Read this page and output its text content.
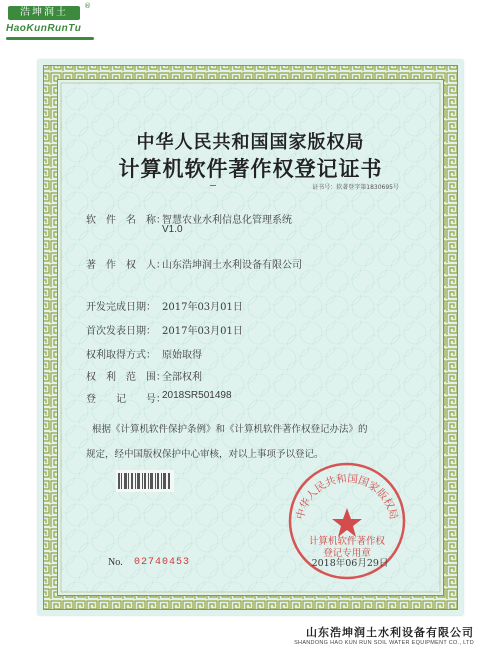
浩坤润土
®
HaoKunRunTu
中华人民共和国国家版权局
计算机软件著作权登记证书
证书号：软著登字第1830695号
软　件　名　称：
智慧农业水利信息化管理系统
V1.0
著　作　权　人：
山东浩坤润土水利设备有限公司
开发完成日期： 2017年03月01日
首次发表日期： 2017年03月01日
权利取得方式： 原始取得
权　利　范　围：
全部权利
登　　记　　号：
2018SR501498
根据《计算机软件保护条例》和《计算机软件著作权登记办法》的
规定，经中国版权保护中心审核，对以上事项予以登记。
No. 02740453
中华人民共和国国家版权局
计算机软件著作权
登记专用章
2018年06月29日
山东浩坤润土水利设备有限公司
SHANDONG HAO KUN RUN SOIL WATER EQUIPMENT CO., LTD
